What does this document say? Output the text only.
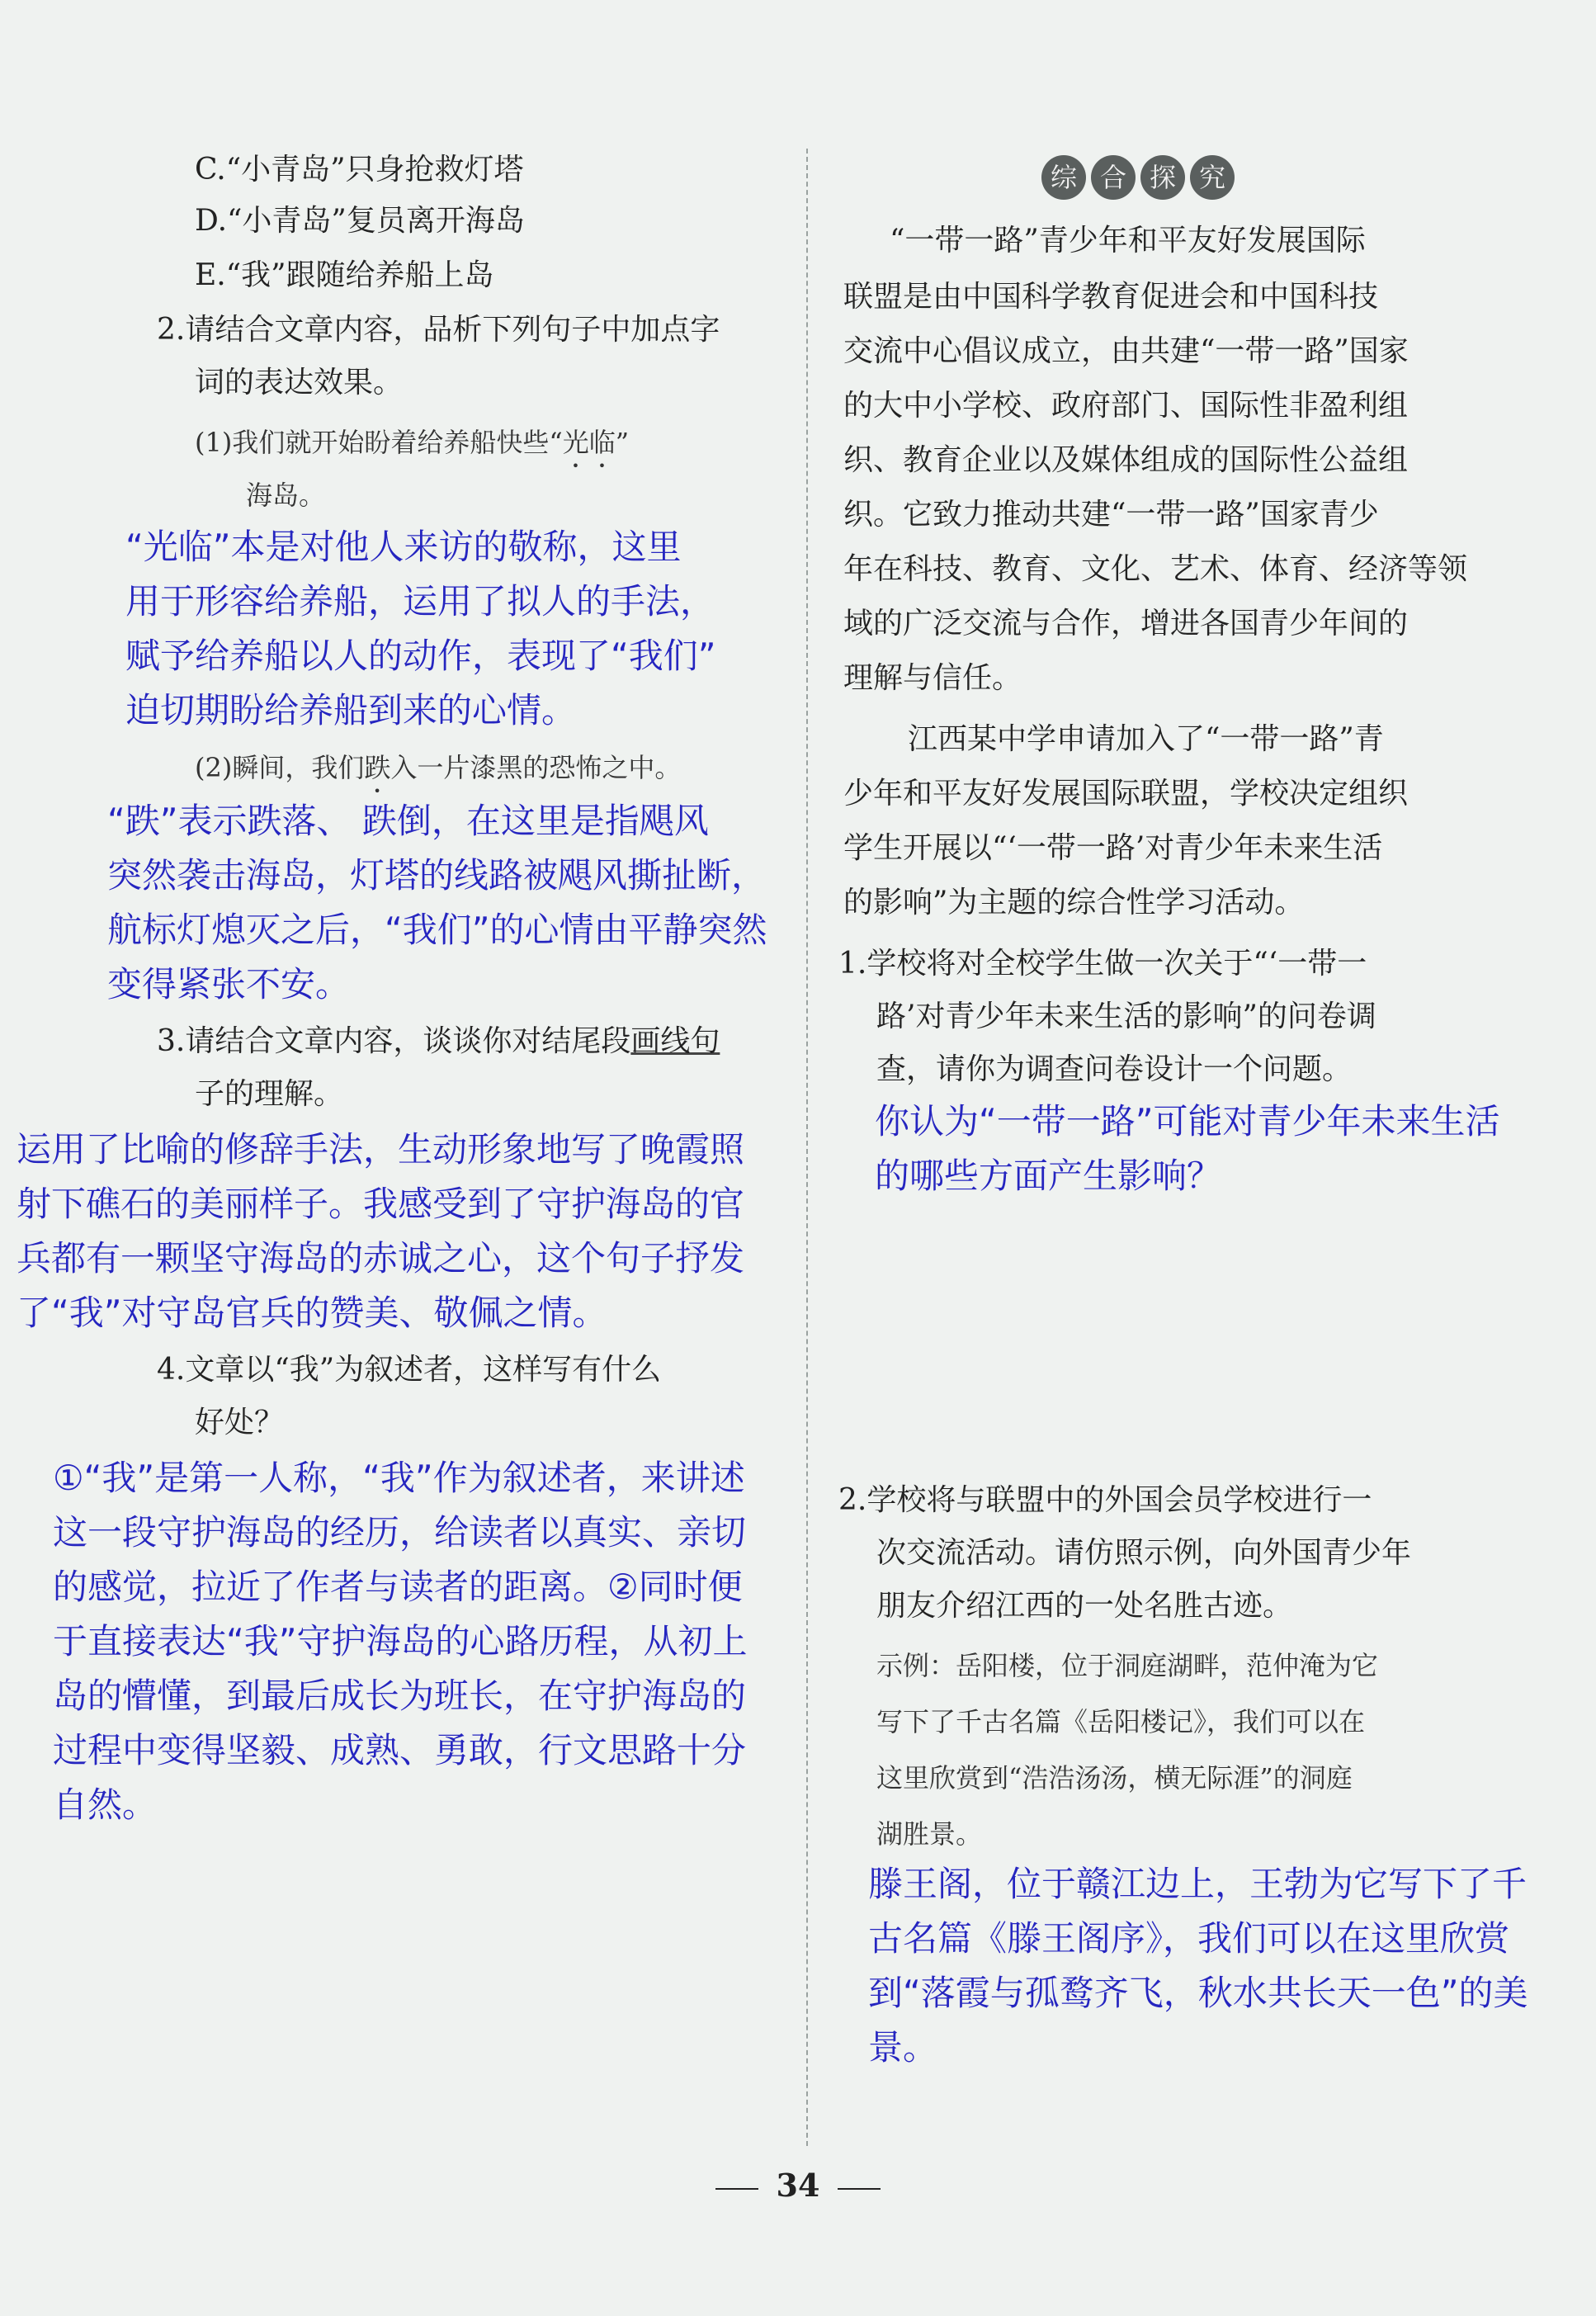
C.“小青岛”只身抢救灯塔
D.“小青岛”复员离开海岛
E.“我”跟随给养船上岛
2.请结合文章内容，品析下列句子中加点字
词的表达效果。
(1)我们就开始盼着给养船快些“光临”
海岛。
“光临”本是对他人来访的敬称，这里
用于形容给养船，运用了拟人的手法，
赋予给养船以人的动作，表现了“我们”
迫切期盼给养船到来的心情。
(2)瞬间，我们跌入一片漆黑的恐怖之中。
“跌”表示跌落、 跌倒，在这里是指飓风
突然袭击海岛，灯塔的线路被飓风撕扯断，
航标灯熄灭之后，“我们”的心情由平静突然
变得紧张不安。
3.请结合文章内容，谈谈你对结尾段画线句
子的理解。
运用了比喻的修辞手法，生动形象地写了晚霞照
射下礁石的美丽样子。我感受到了守护海岛的官
兵都有一颗坚守海岛的赤诚之心，这个句子抒发
了“我”对守岛官兵的赞美、敬佩之情。
4.文章以“我”为叙述者，这样写有什么
好处？
①“我”是第一人称，“我”作为叙述者，来讲述
这一段守护海岛的经历，给读者以真实、亲切
的感觉，拉近了作者与读者的距离。②同时便
于直接表达“我”守护海岛的心路历程，从初上
岛的懵懂，到最后成长为班长，在守护海岛的
过程中变得坚毅、成熟、勇敢，行文思路十分
自然。
综 合 探 究
“一带一路”青少年和平友好发展国际
联盟是由中国科学教育促进会和中国科技
交流中心倡议成立，由共建“一带一路”国家
的大中小学校、政府部门、国际性非盈利组
织、教育企业以及媒体组成的国际性公益组
织。它致力推动共建“一带一路”国家青少
年在科技、教育、文化、艺术、体育、经济等领
域的广泛交流与合作，增进各国青少年间的
理解与信任。
江西某中学申请加入了“一带一路”青
少年和平友好发展国际联盟，学校决定组织
学生开展以“‘一带一路’对青少年未来生活
的影响”为主题的综合性学习活动。
1.学校将对全校学生做一次关于“‘一带一
路’对青少年未来生活的影响”的问卷调
查，请你为调查问卷设计一个问题。
你认为“一带一路”可能对青少年未来生活
的哪些方面产生影响？
2.学校将与联盟中的外国会员学校进行一
次交流活动。请仿照示例，向外国青少年
朋友介绍江西的一处名胜古迹。
示例：岳阳楼，位于洞庭湖畔，范仲淹为它
写下了千古名篇《岳阳楼记》，我们可以在
这里欣赏到“浩浩汤汤，横无际涯”的洞庭
湖胜景。
滕王阁，位于赣江边上，王勃为它写下了千
古名篇《滕王阁序》，我们可以在这里欣赏
到“落霞与孤鹜齐飞，秋水共长天一色”的美
景。
34
